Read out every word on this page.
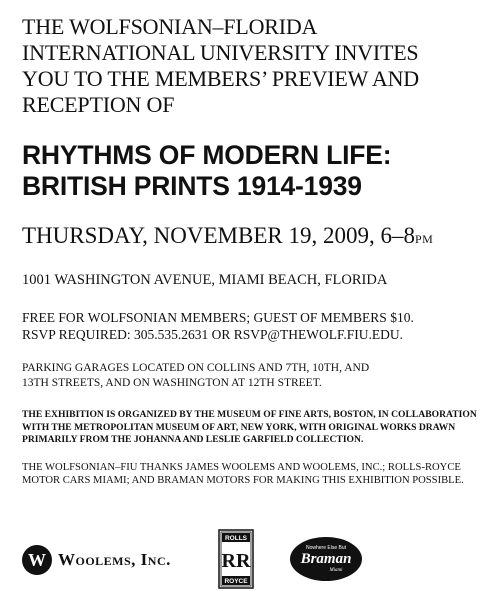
THE WOLFSONIAN–FLORIDA
INTERNATIONAL UNIVERSITY INVITES
YOU TO THE MEMBERS’ PREVIEW AND
RECEPTION OF
RHYTHMS OF MODERN LIFE:
BRITISH PRINTS 1914-1939
THURSDAY, NOVEMBER 19, 2009, 6–8PM
1001 WASHINGTON AVENUE, MIAMI BEACH, FLORIDA
FREE FOR WOLFSONIAN MEMBERS; GUEST OF MEMBERS $10.
RSVP REQUIRED: 305.535.2631 OR RSVP@THEWOLF.FIU.EDU.
PARKING GARAGES LOCATED ON COLLINS AND 7TH, 10TH, AND
13TH STREETS, AND ON WASHINGTON AT 12TH STREET.
THE EXHIBITION IS ORGANIZED BY THE MUSEUM OF FINE ARTS, BOSTON, IN COLLABORATION
WITH THE METROPOLITAN MUSEUM OF ART, NEW YORK, WITH ORIGINAL WORKS DRAWN
PRIMARILY FROM THE JOHANNA AND LESLIE GARFIELD COLLECTION.
THE WOLFSONIAN–FIU THANKS JAMES WOOLEMS AND WOOLEMS, INC.; ROLLS-ROYCE
MOTOR CARS MIAMI; AND BRAMAN MOTORS FOR MAKING THIS EXHIBITION POSSIBLE.
W Woolems, Inc.
ROLLS
RR
ROYCE
Nowhere Else But
Braman
Miami
